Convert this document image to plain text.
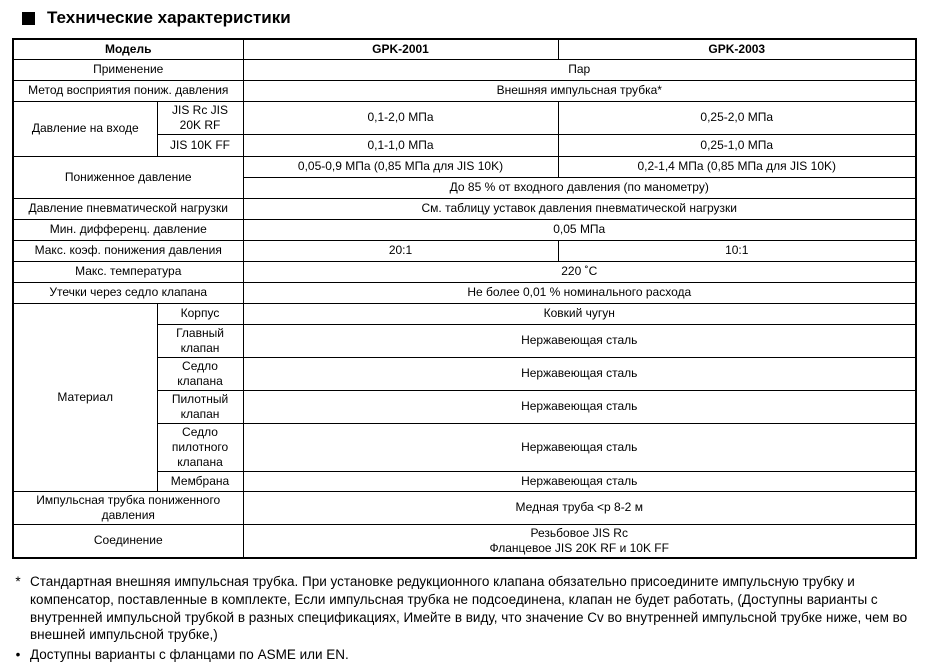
Технические характеристики
Модель		GPK-2001	GPK-2003
Применение		Пар	
Метод восприятия пониж. давления		Внешняя импульсная трубка*	
Давление на входе	JIS Rc JIS 20K RF	0,1-2,0 МПа	0,25-2,0 МПа
	JIS 10K FF	0,1-1,0 МПа	0,25-1,0 МПа
Пониженное давление		0,05-0,9 МПа (0,85 МПа для JIS 10K)	0,2-1,4 МПа (0,85 МПа для JIS 10K)
		До 85 % от входного давления (по манометру)	
Давление пневматической нагрузки		См. таблицу уставок давления пневматической нагрузки	
Мин. дифференц. давление		0,05 МПа	
Макс. коэф. понижения давления		20:1	10:1
Макс. температура		220 ˚C	
Утечки через седло клапана		Не более 0,01 % номинального расхода	
Материал	Корпус	Ковкий чугун	
	Главный клапан	Нержавеющая сталь	
	Седло клапана	Нержавеющая сталь	
	Пилотный клапан	Нержавеющая сталь	
	Седло пилотного клапана	Нержавеющая сталь	
	Мембрана	Нержавеющая сталь	
Импульсная трубка пониженного давления		Медная труба <р 8-2 м	
Соединение		Резьбовое JIS Rc
Фланцевое JIS 20K RF и 10K FF	
* Стандартная внешняя импульсная трубка. При установке редукционного клапана обязательно присоедините импульсную трубку и компенсатор, поставленные в комплекте, Если импульсная трубка не подсоединена, клапан не будет работать, (Доступны варианты с внутренней импульсной трубкой в разных спецификациях, Имейте в виду, что значение Cv во внутренней импульсной трубке ниже, чем во внешней импульсной трубке,)
• Доступны варианты с фланцами по ASME или EN.
